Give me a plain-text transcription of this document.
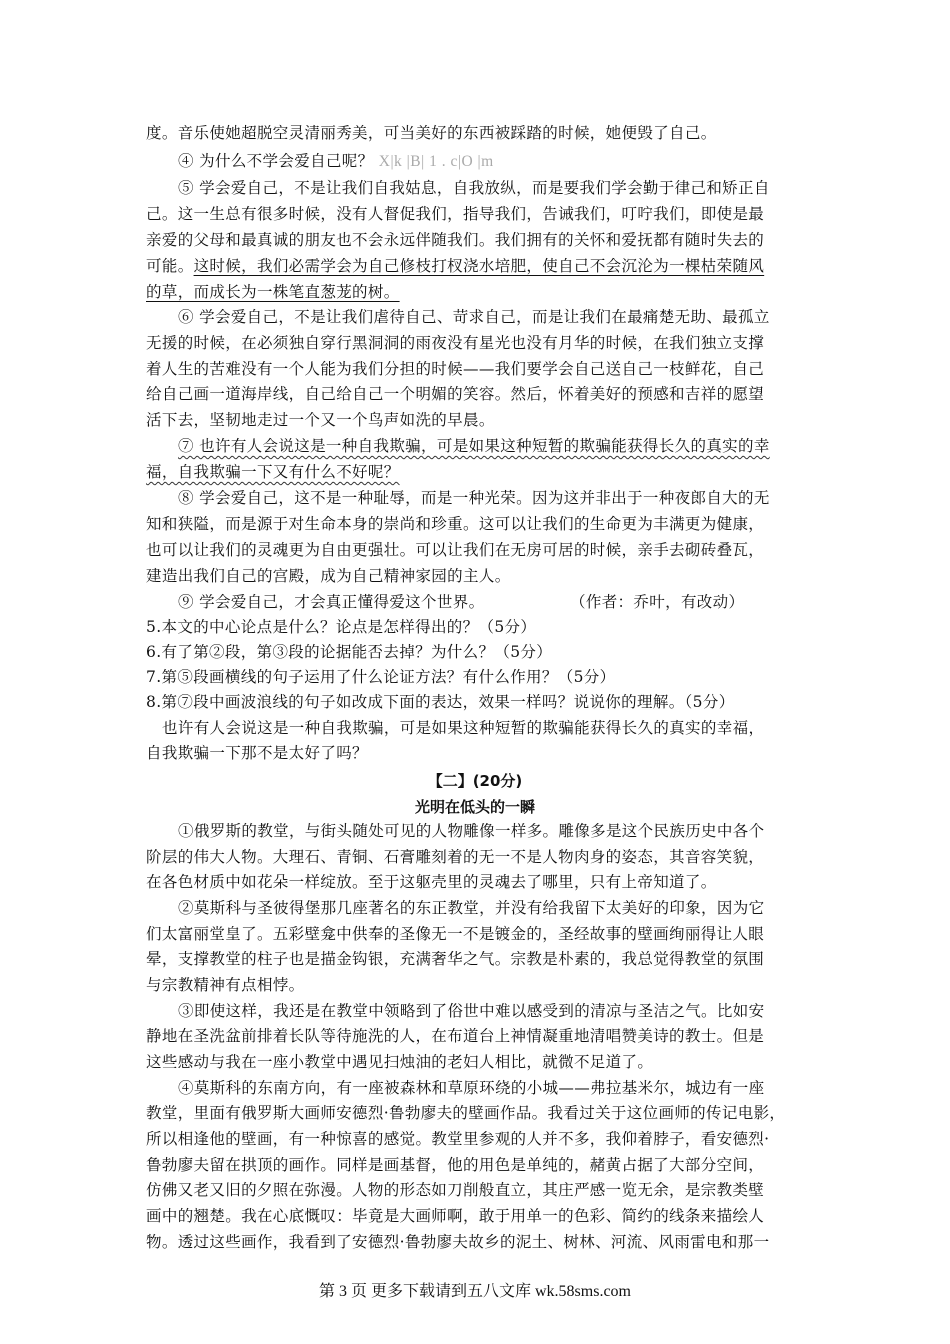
度。音乐使她超脱空灵清丽秀美，可当美好的东西被踩踏的时候，她便毁了自己。
④ 为什么不学会爱自己呢？ X|k |B| 1 . c|O |m
⑤ 学会爱自己，不是让我们自我姑息，自我放纵，而是要我们学会勤于律己和矫正自
己。这一生总有很多时候，没有人督促我们，指导我们，告诫我们，叮咛我们，即使是最
亲爱的父母和最真诚的朋友也不会永远伴随我们。我们拥有的关怀和爱抚都有随时失去的
可能。这时候，我们必需学会为自己修枝打杈浇水培肥，使自己不会沉沦为一棵枯荣随风
的草，而成长为一株笔直葱茏的树。
⑥ 学会爱自己，不是让我们虐待自己、苛求自己，而是让我们在最痛楚无助、最孤立
无援的时候，在必须独自穿行黑洞洞的雨夜没有星光也没有月华的时候，在我们独立支撑
着人生的苦难没有一个人能为我们分担的时候——我们要学会自己送自己一枝鲜花，自己
给自己画一道海岸线，自己给自己一个明媚的笑容。然后，怀着美好的预感和吉祥的愿望
活下去，坚韧地走过一个又一个鸟声如洗的早晨。
⑦ 也许有人会说这是一种自我欺骗，可是如果这种短暂的欺骗能获得长久的真实的幸
福，自我欺骗一下又有什么不好呢？
⑧ 学会爱自己，这不是一种耻辱，而是一种光荣。因为这并非出于一种夜郎自大的无
知和狭隘，而是源于对生命本身的崇尚和珍重。这可以让我们的生命更为丰满更为健康，
也可以让我们的灵魂更为自由更强壮。可以让我们在无房可居的时候，亲手去砌砖叠瓦，
建造出我们自己的宫殿，成为自己精神家园的主人。
⑨ 学会爱自己，才会真正懂得爱这个世界。	（作者：乔叶，有改动）
5.本文的中心论点是什么？论点是怎样得出的？（5分）
6.有了第②段，第③段的论据能否去掉？为什么？（5分）
7.第⑤段画横线的句子运用了什么论证方法？有什么作用？（5分）
8.第⑦段中画波浪线的句子如改成下面的表达，效果一样吗？说说你的理解。（5分）
也许有人会说这是一种自我欺骗，可是如果这种短暂的欺骗能获得长久的真实的幸福，
自我欺骗一下那不是太好了吗？
【二】(20分)
光明在低头的一瞬
①俄罗斯的教堂，与街头随处可见的人物雕像一样多。雕像多是这个民族历史中各个
阶层的伟大人物。大理石、青铜、石膏雕刻着的无一不是人物肉身的姿态，其音容笑貌，
在各色材质中如花朵一样绽放。至于这躯壳里的灵魂去了哪里，只有上帝知道了。
②莫斯科与圣彼得堡那几座著名的东正教堂，并没有给我留下太美好的印象，因为它
们太富丽堂皇了。五彩壁龛中供奉的圣像无一不是镀金的，圣经故事的壁画绚丽得让人眼
晕，支撑教堂的柱子也是描金钩银，充满奢华之气。宗教是朴素的，我总觉得教堂的氛围
与宗教精神有点相悖。
③即使这样，我还是在教堂中领略到了俗世中难以感受到的清凉与圣洁之气。比如安
静地在圣洗盆前排着长队等待施洗的人，在布道台上神情凝重地清唱赞美诗的教士。但是
这些感动与我在一座小教堂中遇见扫烛油的老妇人相比，就微不足道了。
④莫斯科的东南方向，有一座被森林和草原环绕的小城——弗拉基米尔，城边有一座
教堂，里面有俄罗斯大画师安德烈·鲁勃廖夫的壁画作品。我看过关于这位画师的传记电影，
所以相逢他的壁画，有一种惊喜的感觉。教堂里参观的人并不多，我仰着脖子，看安德烈·
鲁勃廖夫留在拱顶的画作。同样是画基督，他的用色是单纯的，赭黄占据了大部分空间，
仿佛又老又旧的夕照在弥漫。人物的形态如刀削般直立，其庄严感一览无余，是宗教类壁
画中的翘楚。我在心底慨叹：毕竟是大画师啊，敢于用单一的色彩、简约的线条来描绘人
物。透过这些画作，我看到了安德烈·鲁勃廖夫故乡的泥土、树林、河流、风雨雷电和那一
第 3 页 更多下载请到五八文库 wk.58sms.com
